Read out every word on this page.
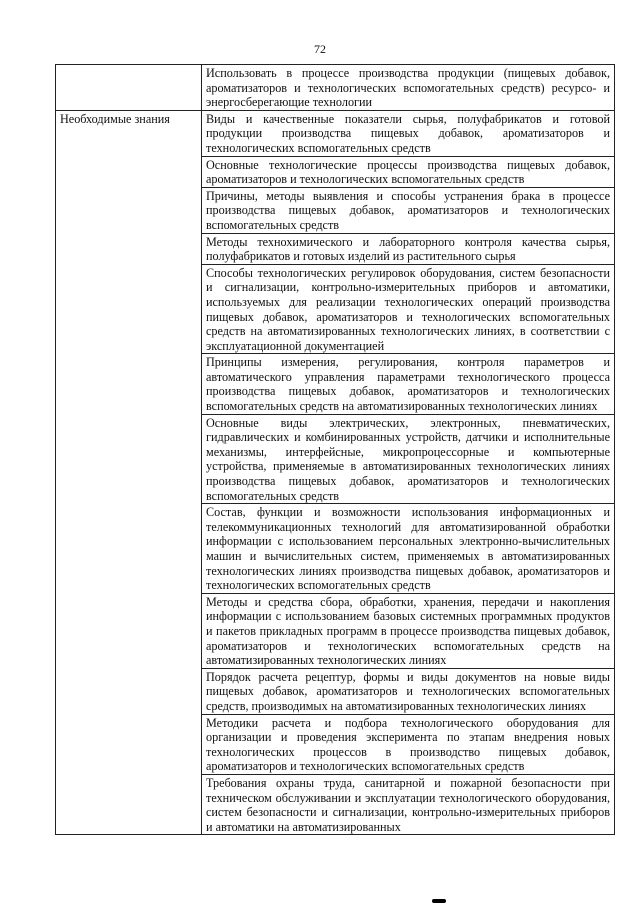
72
	Использовать в процессе производства продукции (пищевых добавок, ароматизаторов и технологических вспомогательных средств) ресурсо- и энергосберегающие технологии
Необходимые знания	Виды и качественные показатели сырья, полуфабрикатов и готовой продукции производства пищевых добавок, ароматизаторов и технологических вспомогательных средств
	Основные технологические процессы производства пищевых добавок, ароматизаторов и технологических вспомогательных средств
	Причины, методы выявления и способы устранения брака в процессе производства пищевых добавок, ароматизаторов и технологических вспомогательных средств
	Методы технохимического и лабораторного контроля качества сырья, полуфабрикатов и готовых изделий из растительного сырья
	Способы технологических регулировок оборудования, систем безопасности и сигнализации, контрольно-измерительных приборов и автоматики, используемых для реализации технологических операций производства пищевых добавок, ароматизаторов и технологических вспомогательных средств на автоматизированных технологических линиях, в соответствии с эксплуатационной документацией
	Принципы измерения, регулирования, контроля параметров и автоматического управления параметрами технологического процесса производства пищевых добавок, ароматизаторов и технологических вспомогательных средств на автоматизированных технологических линиях
	Основные виды электрических, электронных, пневматических, гидравлических и комбинированных устройств, датчики и исполнительные механизмы, интерфейсные, микропроцессорные и компьютерные устройства, применяемые в автоматизированных технологических линиях производства пищевых добавок, ароматизаторов и технологических вспомогательных средств
	Состав, функции и возможности использования информационных и телекоммуникационных технологий для автоматизированной обработки информации с использованием персональных электронно-вычислительных машин и вычислительных систем, применяемых в автоматизированных технологических линиях производства пищевых добавок, ароматизаторов и технологических вспомогательных средств
	Методы и средства сбора, обработки, хранения, передачи и накопления информации с использованием базовых системных программных продуктов и пакетов прикладных программ в процессе производства пищевых добавок, ароматизаторов и технологических вспомогательных средств на автоматизированных технологических линиях
	Порядок расчета рецептур, формы и виды документов на новые виды пищевых добавок, ароматизаторов и технологических вспомогательных средств, производимых на автоматизированных технологических линиях
	Методики расчета и подбора технологического оборудования для организации и проведения эксперимента по этапам внедрения новых технологических процессов в производство пищевых добавок, ароматизаторов и технологических вспомогательных средств
	Требования охраны труда, санитарной и пожарной безопасности при техническом обслуживании и эксплуатации технологического оборудования, систем безопасности и сигнализации, контрольно-измерительных приборов и автоматики на автоматизированных
